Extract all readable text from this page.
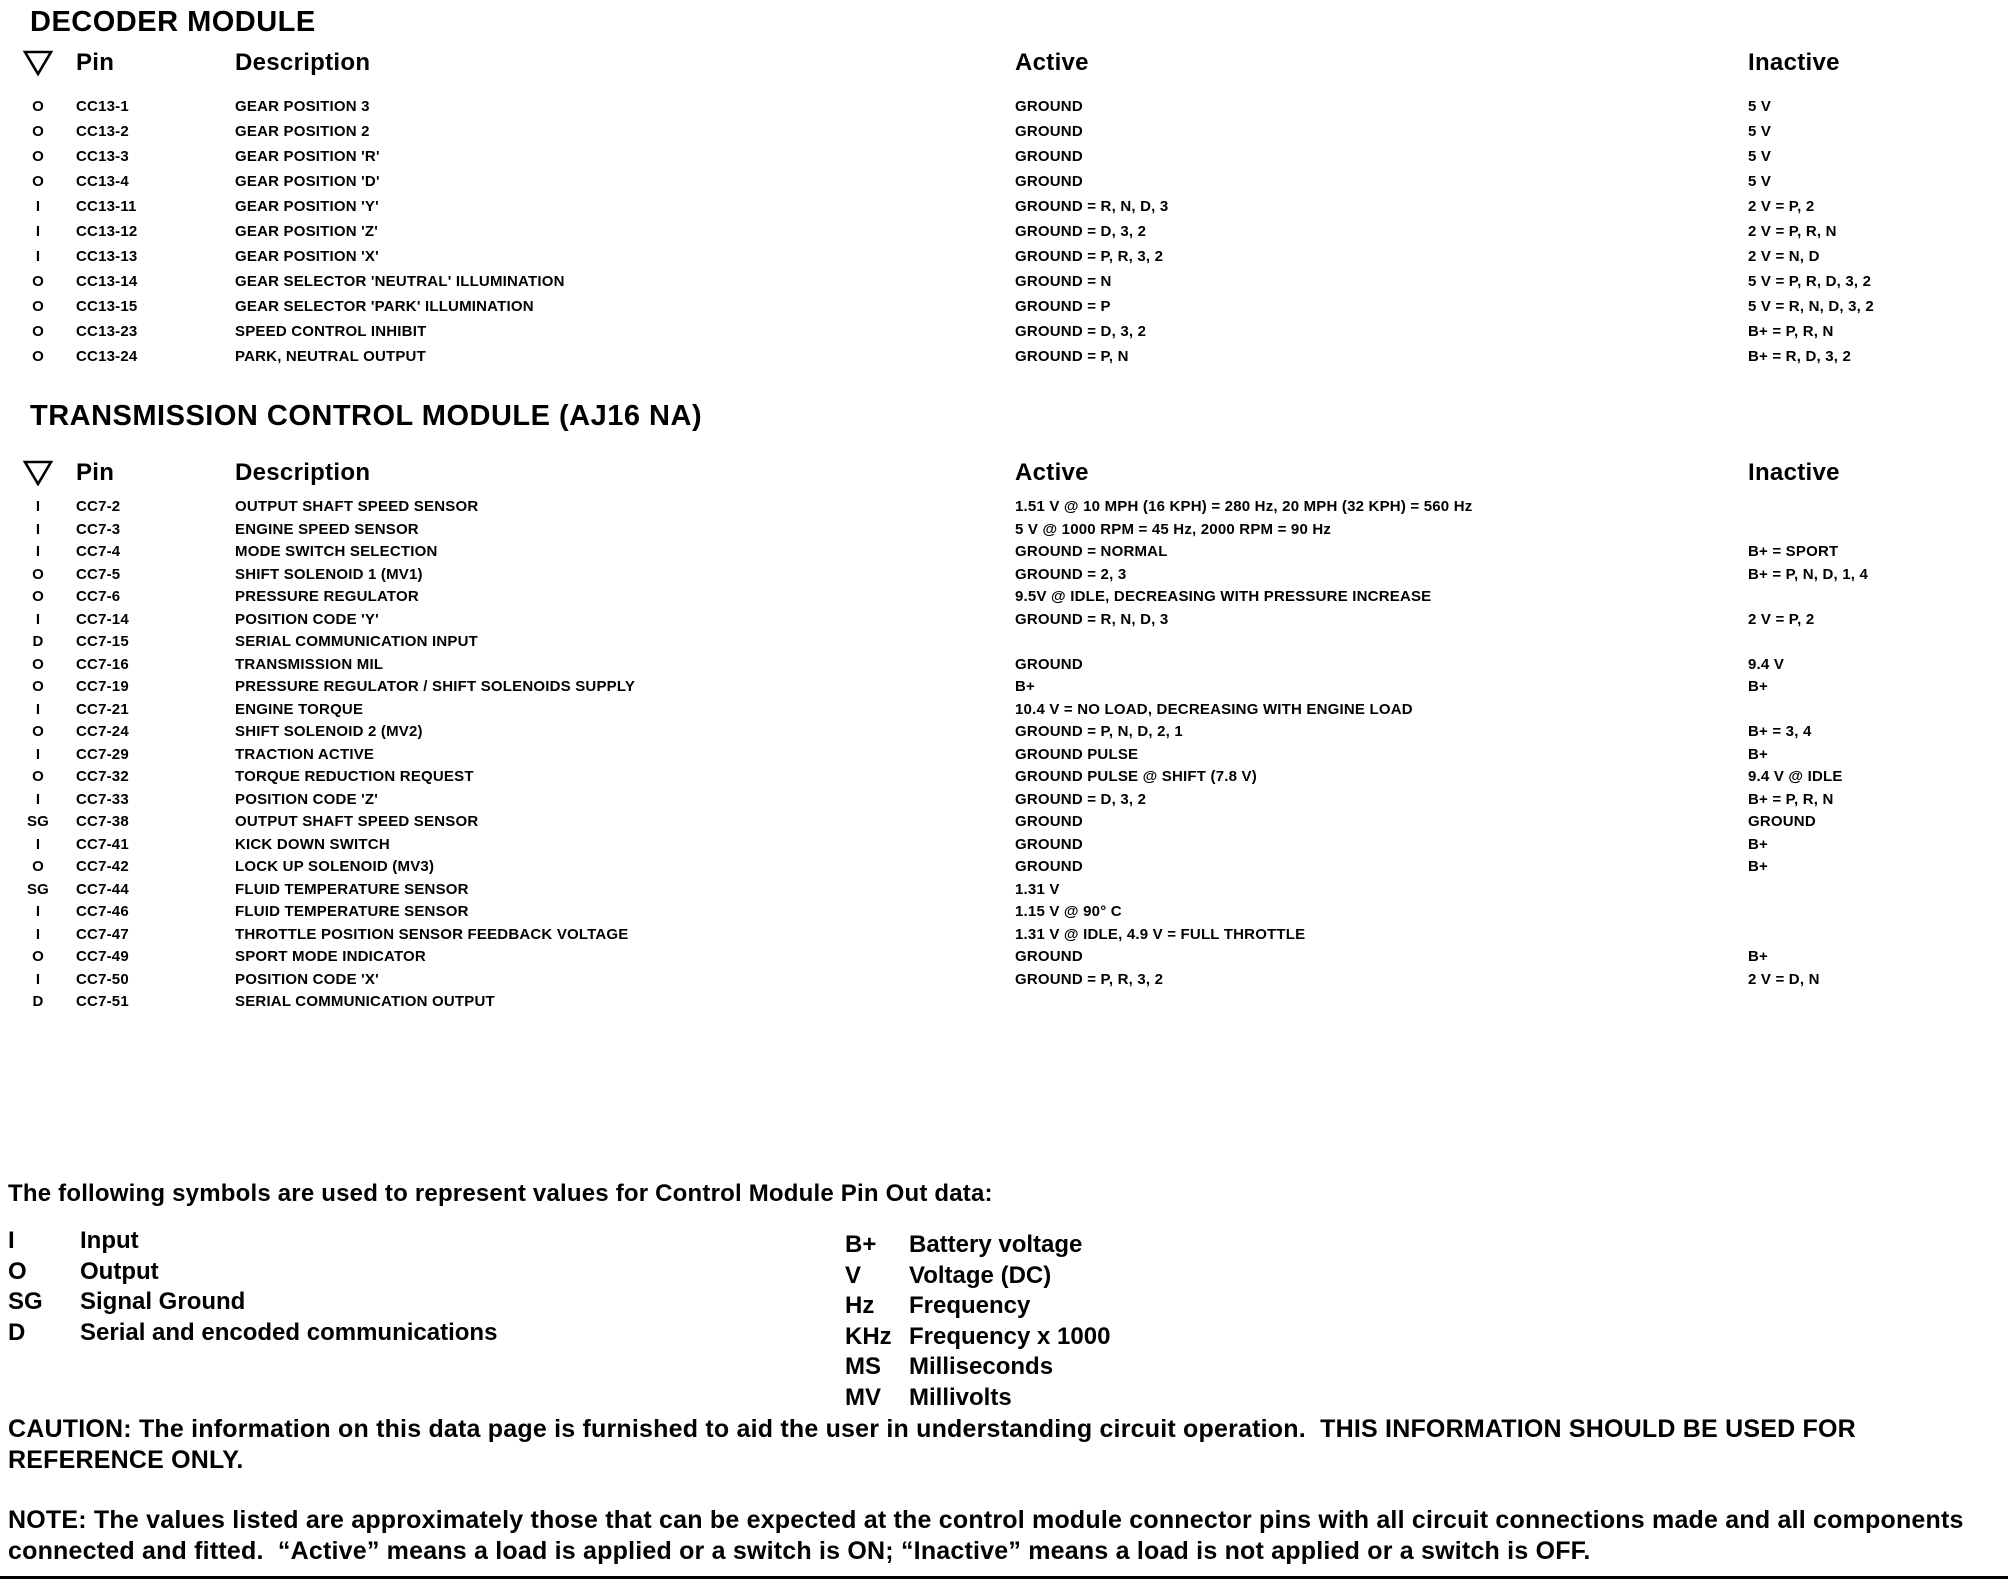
DECODER MODULE
Pin	Description	Active	Inactive
O	CC13-1	GEAR POSITION 3	GROUND	5 V
O	CC13-2	GEAR POSITION 2	GROUND	5 V
O	CC13-3	GEAR POSITION 'R'	GROUND	5 V
O	CC13-4	GEAR POSITION 'D'	GROUND	5 V
I	CC13-11	GEAR POSITION 'Y'	GROUND = R, N, D, 3	2 V = P, 2
I	CC13-12	GEAR POSITION 'Z'	GROUND = D, 3, 2	2 V = P, R, N
I	CC13-13	GEAR POSITION 'X'	GROUND = P, R, 3, 2	2 V = N, D
O	CC13-14	GEAR SELECTOR 'NEUTRAL' ILLUMINATION	GROUND = N	5 V = P, R, D, 3, 2
O	CC13-15	GEAR SELECTOR 'PARK' ILLUMINATION	GROUND = P	5 V = R, N, D, 3, 2
O	CC13-23	SPEED CONTROL INHIBIT	GROUND = D, 3, 2	B+ = P, R, N
O	CC13-24	PARK, NEUTRAL OUTPUT	GROUND = P, N	B+ = R, D, 3, 2
TRANSMISSION CONTROL MODULE (AJ16 NA)
Pin	Description	Active	Inactive
I	CC7-2	OUTPUT SHAFT SPEED SENSOR	1.51 V @ 10 MPH (16 KPH) = 280 Hz, 20 MPH (32 KPH) = 560 Hz
I	CC7-3	ENGINE SPEED SENSOR	5 V @ 1000 RPM = 45 Hz, 2000 RPM = 90 Hz
I	CC7-4	MODE SWITCH SELECTION	GROUND = NORMAL	B+ = SPORT
O	CC7-5	SHIFT SOLENOID 1 (MV1)	GROUND = 2, 3	B+ = P, N, D, 1, 4
O	CC7-6	PRESSURE REGULATOR	9.5V @ IDLE, DECREASING WITH PRESSURE INCREASE
I	CC7-14	POSITION CODE 'Y'	GROUND = R, N, D, 3	2 V = P, 2
D	CC7-15	SERIAL COMMUNICATION INPUT
O	CC7-16	TRANSMISSION MIL	GROUND	9.4 V
O	CC7-19	PRESSURE REGULATOR / SHIFT SOLENOIDS SUPPLY	B+	B+
I	CC7-21	ENGINE TORQUE	10.4 V = NO LOAD, DECREASING WITH ENGINE LOAD
O	CC7-24	SHIFT SOLENOID 2 (MV2)	GROUND = P, N, D, 2, 1	B+ = 3, 4
I	CC7-29	TRACTION ACTIVE	GROUND PULSE	B+
O	CC7-32	TORQUE REDUCTION REQUEST	GROUND PULSE @ SHIFT (7.8 V)	9.4 V @ IDLE
I	CC7-33	POSITION CODE 'Z'	GROUND = D, 3, 2	B+ = P, R, N
SG	CC7-38	OUTPUT SHAFT SPEED SENSOR	GROUND	GROUND
I	CC7-41	KICK DOWN SWITCH	GROUND	B+
O	CC7-42	LOCK UP SOLENOID (MV3)	GROUND	B+
SG	CC7-44	FLUID TEMPERATURE SENSOR	1.31 V
I	CC7-46	FLUID TEMPERATURE SENSOR	1.15 V @ 90° C
I	CC7-47	THROTTLE POSITION SENSOR FEEDBACK VOLTAGE	1.31 V @ IDLE, 4.9 V = FULL THROTTLE
O	CC7-49	SPORT MODE INDICATOR	GROUND	B+
I	CC7-50	POSITION CODE 'X'	GROUND = P, R, 3, 2	2 V = D, N
D	CC7-51	SERIAL COMMUNICATION OUTPUT
The following symbols are used to represent values for Control Module Pin Out data:
I	Input
O	Output
SG	Signal Ground
D	Serial and encoded communications
B+	Battery voltage
V	Voltage (DC)
Hz	Frequency
KHz Frequency x 1000
MS	Milliseconds
MV	Millivolts
CAUTION: The information on this data page is furnished to aid the user in understanding circuit operation.  THIS INFORMATION SHOULD BE USED FOR REFERENCE ONLY.
NOTE: The values listed are approximately those that can be expected at the control module connector pins with all circuit connections made and all components connected and fitted.  “Active” means a load is applied or a switch is ON; “Inactive” means a load is not applied or a switch is OFF.
